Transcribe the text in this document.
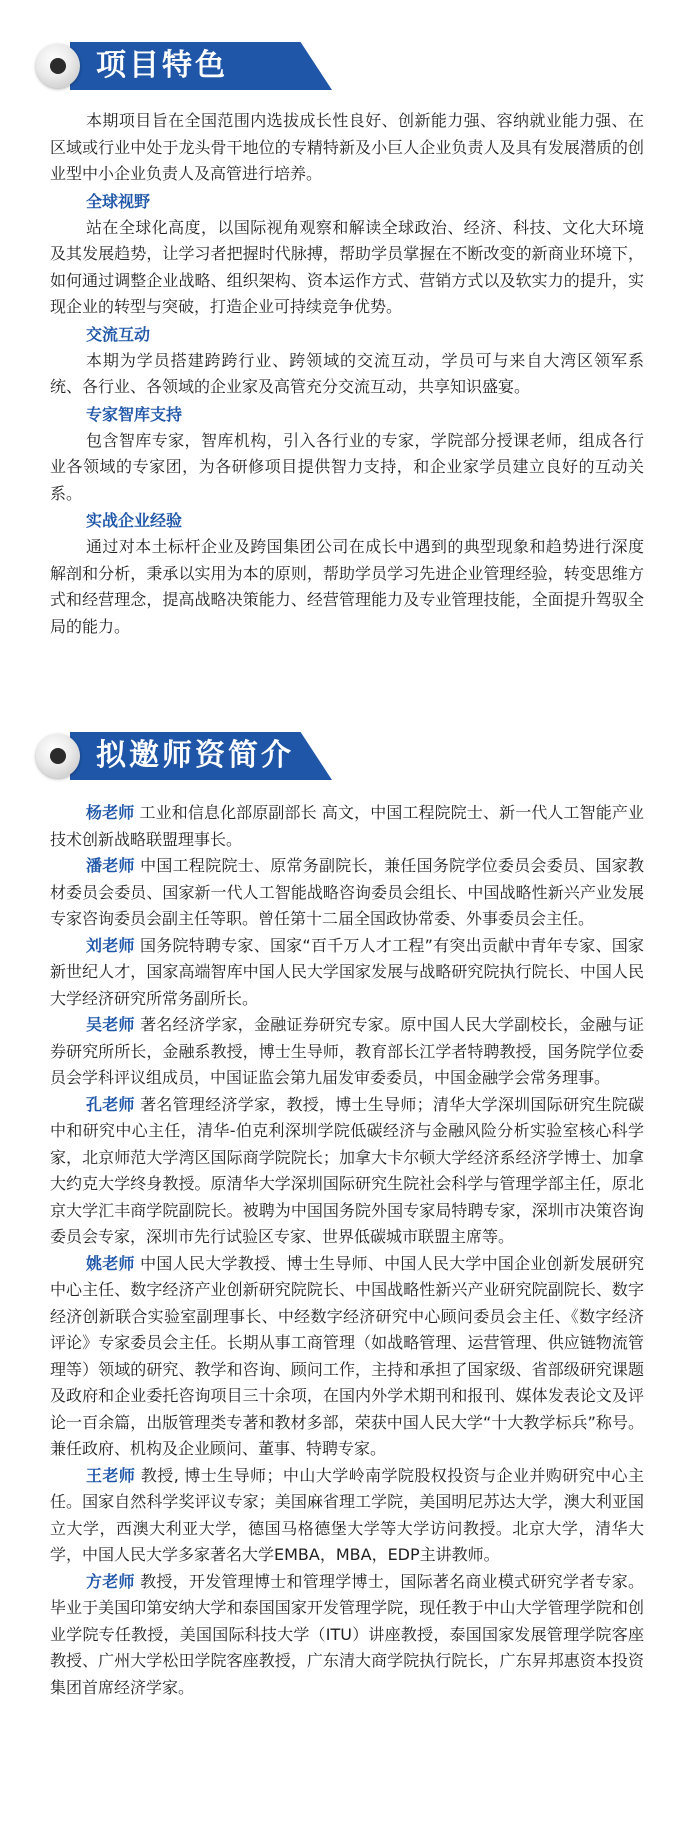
项目特色

本期项目旨在全国范围内选拔成长性良好、创新能力强、容纳就业能力强、在区域或行业中处于龙头骨干地位的专精特新及小巨人企业负责人及具有发展潜质的创业型中小企业负责人及高管进行培养。

全球视野

站在全球化高度，以国际视角观察和解读全球政治、经济、科技、文化大环境及其发展趋势，让学习者把握时代脉搏，帮助学员掌握在不断改变的新商业环境下，如何通过调整企业战略、组织架构、资本运作方式、营销方式以及软实力的提升，实现企业的转型与突破，打造企业可持续竞争优势。

交流互动

本期为学员搭建跨跨行业、跨领域的交流互动，学员可与来自大湾区领军系统、各行业、各领域的企业家及高管充分交流互动，共享知识盛宴。

专家智库支持

包含智库专家，智库机构，引入各行业的专家，学院部分授课老师，组成各行业各领域的专家团，为各研修项目提供智力支持，和企业家学员建立良好的互动关系。

实战企业经验

通过对本土标杆企业及跨国集团公司在成长中遇到的典型现象和趋势进行深度解剖和分析，秉承以实用为本的原则，帮助学员学习先进企业管理经验，转变思维方式和经营理念，提高战略决策能力、经营管理能力及专业管理技能，全面提升驾驭全局的能力。

拟邀师资简介

杨老师 工业和信息化部原副部长 高文，中国工程院院士、新一代人工智能产业技术创新战略联盟理事长。

潘老师 中国工程院院士、原常务副院长，兼任国务院学位委员会委员、国家教材委员会委员、国家新一代人工智能战略咨询委员会组长、中国战略性新兴产业发展专家咨询委员会副主任等职。曾任第十二届全国政协常委、外事委员会主任。

刘老师 国务院特聘专家、国家“百千万人才工程”有突出贡献中青年专家、国家新世纪人才，国家高端智库中国人民大学国家发展与战略研究院执行院长、中国人民大学经济研究所常务副所长。

吴老师 著名经济学家，金融证券研究专家。原中国人民大学副校长，金融与证券研究所所长，金融系教授，博士生导师，教育部长江学者特聘教授，国务院学位委员会学科评议组成员，中国证监会第九届发审委委员，中国金融学会常务理事。

孔老师 著名管理经济学家，教授，博士生导师；清华大学深圳国际研究生院碳中和研究中心主任，清华-伯克利深圳学院低碳经济与金融风险分析实验室核心科学家，北京师范大学湾区国际商学院院长；加拿大卡尔顿大学经济系经济学博士、加拿大约克大学终身教授。原清华大学深圳国际研究生院社会科学与管理学部主任，原北京大学汇丰商学院副院长。被聘为中国国务院外国专家局特聘专家，深圳市决策咨询委员会专家，深圳市先行试验区专家、世界低碳城市联盟主席等。

姚老师 中国人民大学教授、博士生导师、中国人民大学中国企业创新发展研究中心主任、数字经济产业创新研究院院长、中国战略性新兴产业研究院副院长、数字经济创新联合实验室副理事长、中经数字经济研究中心顾问委员会主任、《数字经济评论》专家委员会主任。长期从事工商管理（如战略管理、运营管理、供应链物流管理等）领域的研究、教学和咨询、顾问工作，主持和承担了国家级、省部级研究课题及政府和企业委托咨询项目三十余项，在国内外学术期刊和报刊、媒体发表论文及评论一百余篇，出版管理类专著和教材多部，荣获中国人民大学“十大教学标兵”称号。兼任政府、机构及企业顾问、董事、特聘专家。

王老师 教授, 博士生导师；中山大学岭南学院股权投资与企业并购研究中心主任。国家自然科学奖评议专家；美国麻省理工学院，美国明尼苏达大学，澳大利亚国立大学，西澳大利亚大学，德国马格德堡大学等大学访问教授。北京大学，清华大学，中国人民大学多家著名大学EMBA，MBA，EDP主讲教师。

方老师 教授，开发管理博士和管理学博士，国际著名商业模式研究学者专家。毕业于美国印第安纳大学和泰国国家开发管理学院，现任教于中山大学管理学院和创业学院专任教授，美国国际科技大学（ITU）讲座教授，泰国国家发展管理学院客座教授、广州大学松田学院客座教授，广东清大商学院执行院长，广东昇邦惠资本投资集团首席经济学家。
